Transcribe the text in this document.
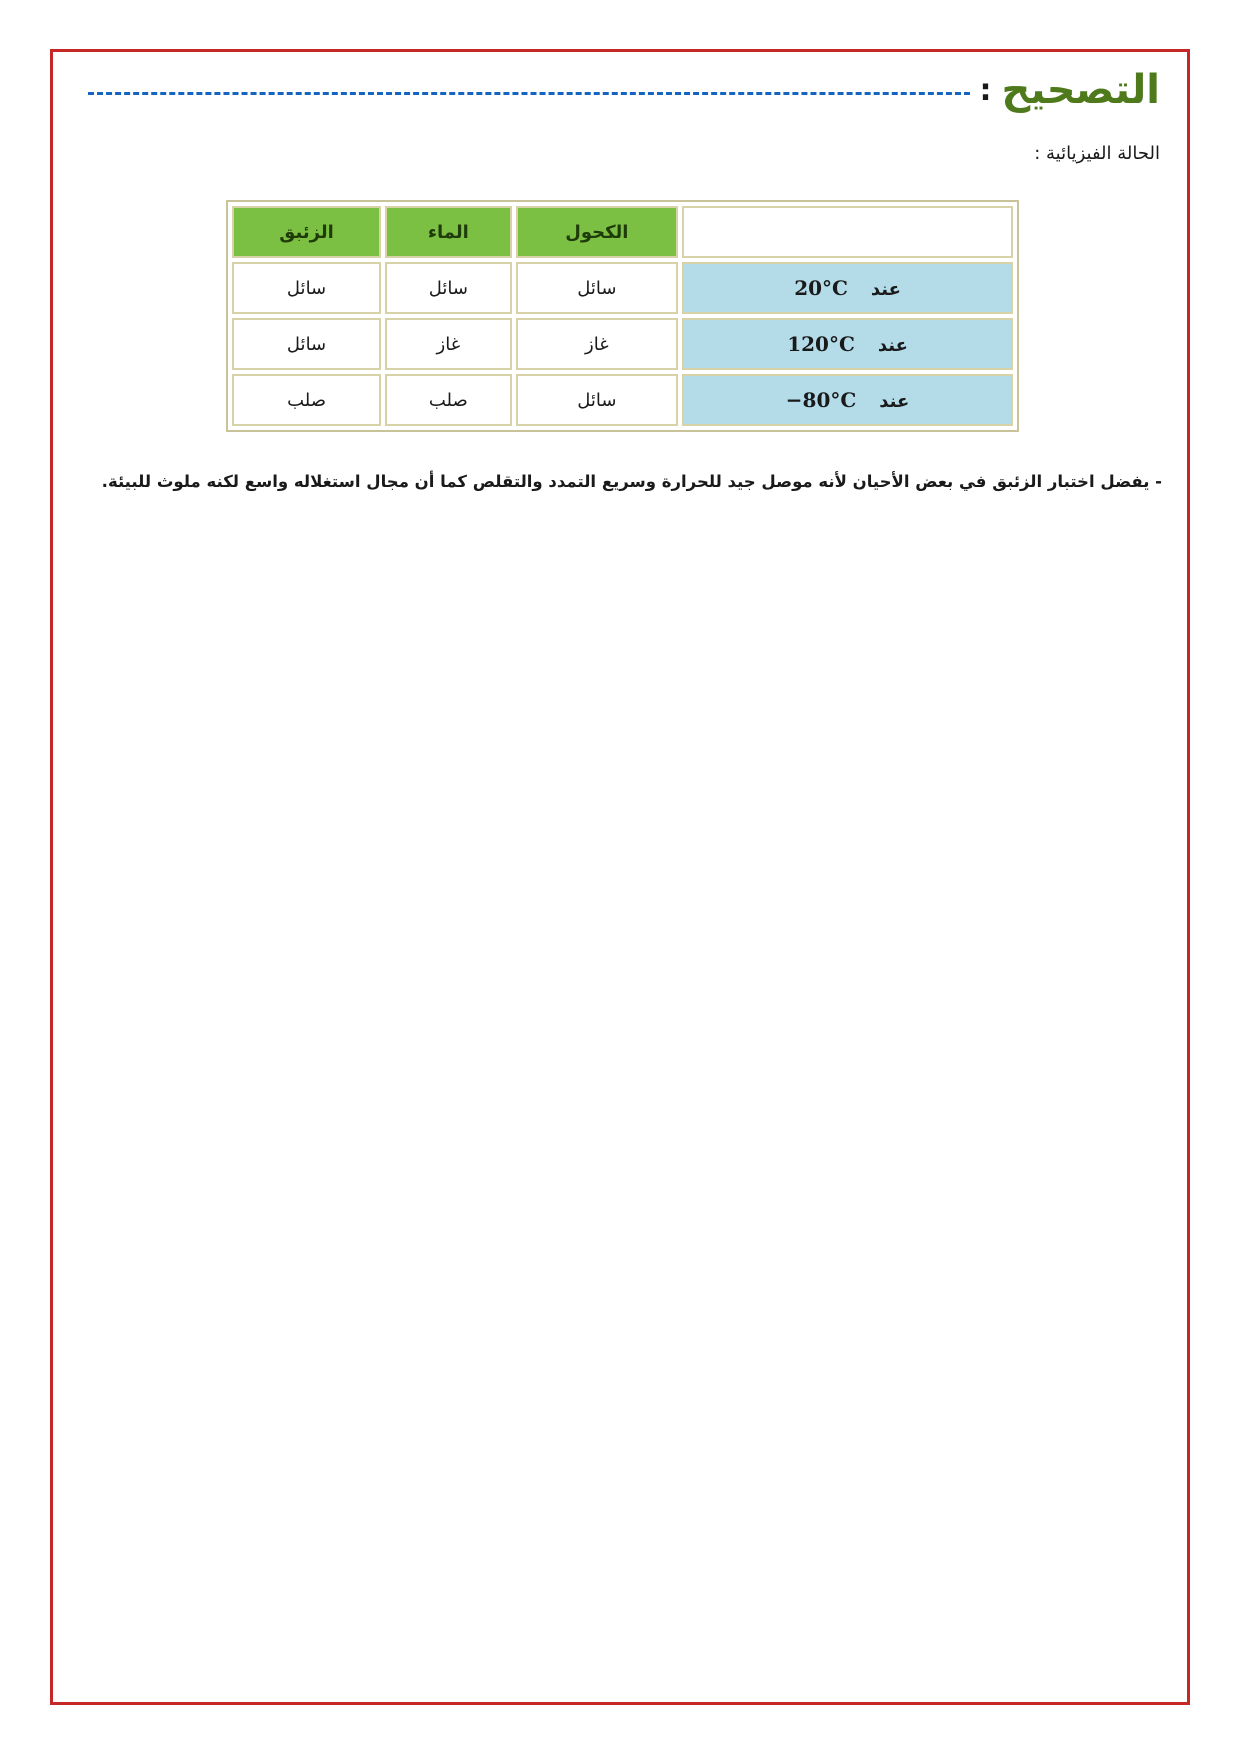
التصحيح
:
الحالة الفيزيائية :
	الكحول	الماء	الزئبق
عند 20°C	سائل	سائل	سائل
عند 120°C	غاز	غاز	سائل
عند −80°C	سائل	صلب	صلب
- يفضل اختبار الزئبق في بعض الأحيان لأنه موصل جيد للحرارة وسريع التمدد والتقلص كما أن مجال استغلاله واسع لكنه ملوث للبيئة.
